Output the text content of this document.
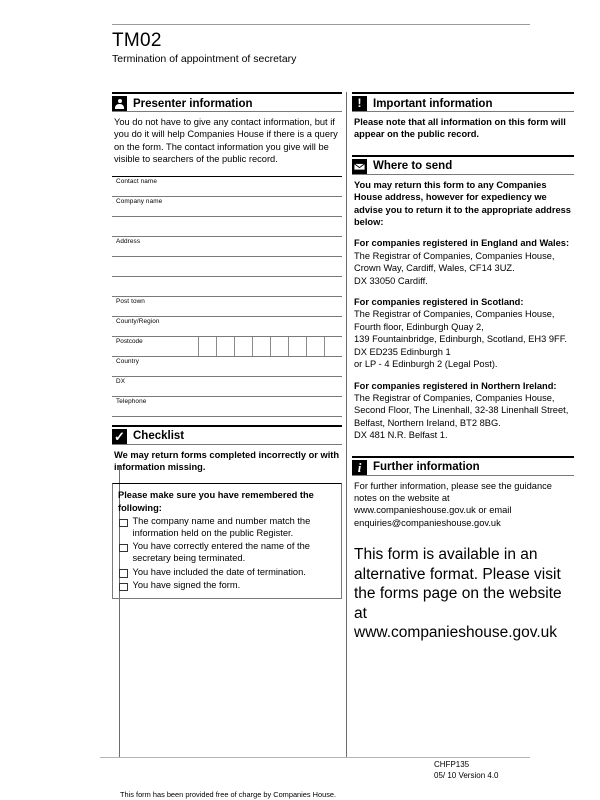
TM02
Termination of appointment of secretary
Presenter information

You do not have to give any contact information, but if you do it will help Companies House if there is a query on the form. The contact information you give will be visible to searchers of the public record.

Contact name
Company name
Address
Post town
County/Region
Postcode
Country
DX
Telephone
✓ Checklist

We may return forms completed incorrectly or with information missing.

Please make sure you have remembered the following:

The company name and number match the information held on the public Register.
You have correctly entered the name of the secretary being terminated.
You have included the date of termination.
You have signed the form.
!	Important information

Please note that all information on this form will appear on the public record.

Where to send

You may return this form to any Companies House address, however for expediency we advise you to return it to the appropriate address below:

For companies registered in England and Wales:

The Registrar of Companies, Companies House,

Crown Way, Cardiff, Wales, CF14 3UZ.

DX 33050 Cardiff.

For companies registered in Scotland:

The Registrar of Companies, Companies House,

Fourth floor, Edinburgh Quay 2,

139 Fountainbridge, Edinburgh, Scotland, EH3 9FF.

DX ED235 Edinburgh 1

or LP - 4 Edinburgh 2 (Legal Post).

For companies registered in Northern Ireland:

The Registrar of Companies, Companies House,

Second Floor, The Linenhall, 32-38 Linenhall Street,

Belfast, Northern Ireland, BT2 8BG.

DX 481 N.R. Belfast 1.

i	Further information

For further information, please see the guidance notes on the website at www.companieshouse.gov.uk or email enquiries@companieshouse.gov.uk

This form is available in an alternative format. Please visit the forms page on the website at www.companieshouse.gov.uk

This form has been provided free of charge by Companies House.
CHFP135
05/ 10 Version 4.0
